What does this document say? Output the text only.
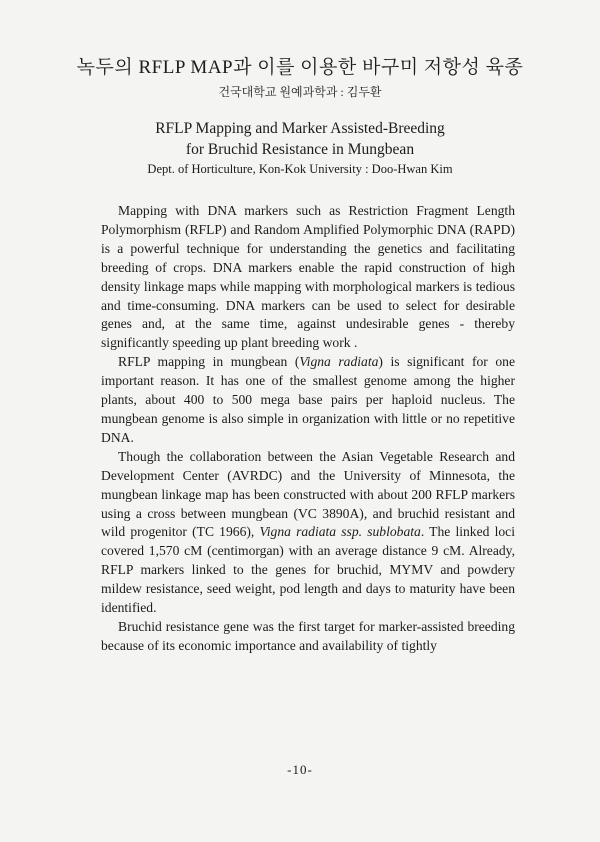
녹두의 RFLP MAP과 이를 이용한 바구미 저항성 육종
건국대학교 원예과학과 : 김두환
RFLP Mapping and Marker Assisted-Breeding
for Bruchid Resistance in Mungbean
Dept. of Horticulture, Kon-Kok University : Doo-Hwan Kim

Mapping with DNA markers such as Restriction Fragment Length Polymorphism (RFLP) and Random Amplified Polymorphic DNA (RAPD) is a powerful technique for understanding the genetics and facilitating breeding of crops. DNA markers enable the rapid construction of high density linkage maps while mapping with morphological markers is tedious and time-consuming. DNA markers can be used to select for desirable genes and, at the same time, against undesirable genes - thereby significantly speeding up plant breeding work .

RFLP mapping in mungbean (Vigna radiata) is significant for one important reason. It has one of the smallest genome among the higher plants, about 400 to 500 mega base pairs per haploid nucleus. The mungbean genome is also simple in organization with little or no repetitive DNA.

Though the collaboration between the Asian Vegetable Research and Development Center (AVRDC) and the University of Minnesota, the mungbean linkage map has been constructed with about 200 RFLP markers using a cross between mungbean (VC 3890A), and bruchid resistant and wild progenitor (TC 1966), Vigna radiata ssp. sublobata. The linked loci covered 1,570 cM (centimorgan) with an average distance 9 cM. Already, RFLP markers linked to the genes for bruchid, MYMV and powdery mildew resistance, seed weight, pod length and days to maturity have been identified.

Bruchid resistance gene was the first target for marker-assisted breeding because of its economic importance and availability of tightly

-10-
